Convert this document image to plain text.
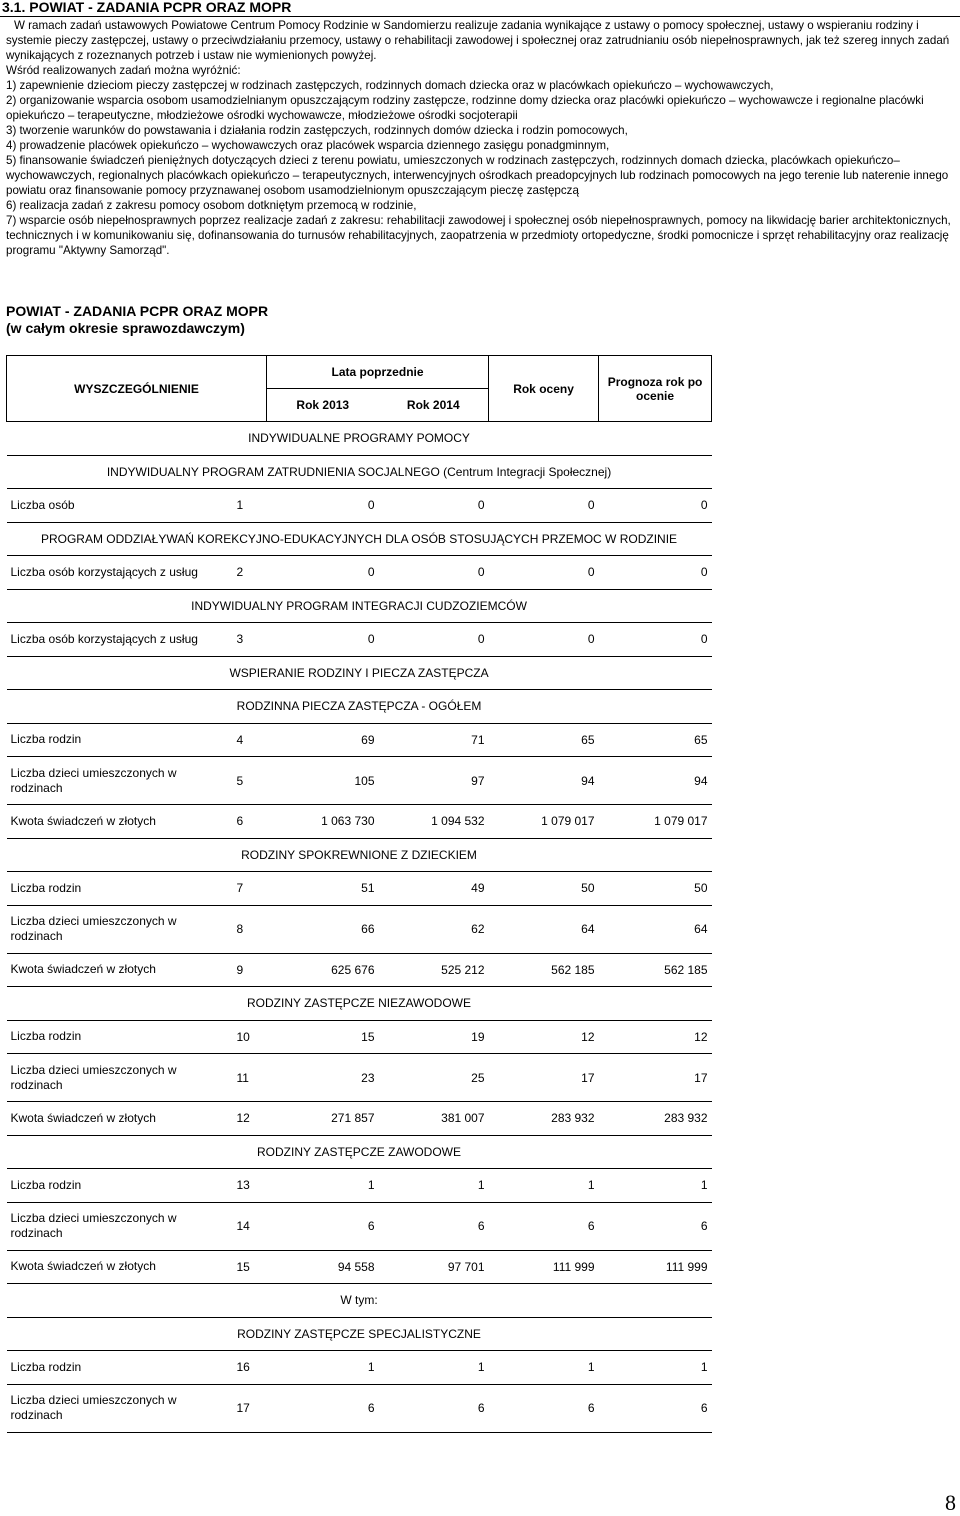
3.1. POWIAT - ZADANIA PCPR ORAZ MOPR

W ramach zadań ustawowych Powiatowe Centrum Pomocy Rodzinie w Sandomierzu realizuje zadania wynikające z ustawy o pomocy społecznej, ustawy o wspieraniu rodziny i systemie pieczy zastępczej, ustawy o przeciwdziałaniu przemocy, ustawy o rehabilitacji zawodowej i społecznej oraz zatrudnianiu osób niepełnosprawnych, jak też szereg innych zadań wynikających z rozeznanych potrzeb i ustaw nie wymienionych powyżej.

Wśród realizowanych zadań można wyróżnić:

1) zapewnienie dzieciom pieczy zastępczej w rodzinach zastępczych, rodzinnych domach dziecka oraz w placówkach opiekuńczo – wychowawczych,

2) organizowanie wsparcia osobom usamodzielnianym opuszczającym rodziny zastępcze, rodzinne domy dziecka oraz placówki opiekuńczo – wychowawcze i regionalne placówki opiekuńczo – terapeutyczne, młodzieżowe ośrodki wychowawcze, młodzieżowe ośrodki socjoterapii

3) tworzenie warunków do powstawania i działania rodzin zastępczych, rodzinnych domów dziecka i rodzin pomocowych,

4) prowadzenie placówek opiekuńczo – wychowawczych oraz placówek wsparcia dziennego zasięgu ponadgminnym,

5) finansowanie świadczeń pieniężnych dotyczących dzieci z terenu powiatu, umieszczonych w rodzinach zastępczych, rodzinnych domach dziecka, placówkach opiekuńczo– wychowawczych, regionalnych placówkach opiekuńczo – terapeutycznych, interwencyjnych ośrodkach preadopcyjnych lub rodzinach pomocowych na jego terenie lub naterenie innego powiatu oraz finansowanie pomocy przyznawanej osobom usamodzielnionym opuszczającym pieczę zastępczą

6) realizacja zadań z zakresu pomocy osobom dotkniętym przemocą w rodzinie,

7) wsparcie osób niepełnosprawnych poprzez realizacje zadań z zakresu: rehabilitacji zawodowej i społecznej osób niepełnosprawnych, pomocy na likwidację barier architektonicznych, technicznych i w komunikowaniu się, dofinansowania do turnusów rehabilitacyjnych, zaopatrzenia w przedmioty ortopedyczne, środki pomocnicze i sprzęt rehabilitacyjny oraz realizację programu "Aktywny Samorząd".

POWIAT - ZADANIA PCPR ORAZ MOPR
(w całym okresie sprawozdawczym)
WYSZCZEGÓLNIENIE		Lata poprzednie		Rok oceny	Prognoza rok po ocenie
		Rok 2013	Rok 2014		
INDYWIDUALNE PROGRAMY POMOCY					
INDYWIDUALNY PROGRAM ZATRUDNIENIA SOCJALNEGO (Centrum Integracji Społecznej)					
Liczba osób	1	0	0	0	0
PROGRAM ODDZIAŁYWAŃ KOREKCYJNO-EDUKACYJNYCH DLA OSÓB STOSUJĄCYCH PRZEMOC W RODZINIE					
Liczba osób korzystających z usług	2	0	0	0	0
INDYWIDUALNY PROGRAM INTEGRACJI CUDZOZIEMCÓW					
Liczba osób korzystających z usług	3	0	0	0	0
WSPIERANIE RODZINY I PIECZA ZASTĘPCZA					
RODZINNA PIECZA ZASTĘPCZA - OGÓŁEM					
Liczba rodzin	4	69	71	65	65
Liczba dzieci umieszczonych w rodzinach	5	105	97	94	94
Kwota świadczeń w złotych	6	1 063 730	1 094 532	1 079 017	1 079 017
RODZINY SPOKREWNIONE Z DZIECKIEM					
Liczba rodzin	7	51	49	50	50
Liczba dzieci umieszczonych w rodzinach	8	66	62	64	64
Kwota świadczeń w złotych	9	625 676	525 212	562 185	562 185
RODZINY ZASTĘPCZE NIEZAWODOWE					
Liczba rodzin	10	15	19	12	12
Liczba dzieci umieszczonych w rodzinach	11	23	25	17	17
Kwota świadczeń w złotych	12	271 857	381 007	283 932	283 932
RODZINY ZASTĘPCZE ZAWODOWE					
Liczba rodzin	13	1	1	1	1
Liczba dzieci umieszczonych w rodzinach	14	6	6	6	6
Kwota świadczeń w złotych	15	94 558	97 701	111 999	111 999
W tym:					
RODZINY ZASTĘPCZE SPECJALISTYCZNE					
Liczba rodzin	16	1	1	1	1
Liczba dzieci umieszczonych w rodzinach	17	6	6	6	6
8
